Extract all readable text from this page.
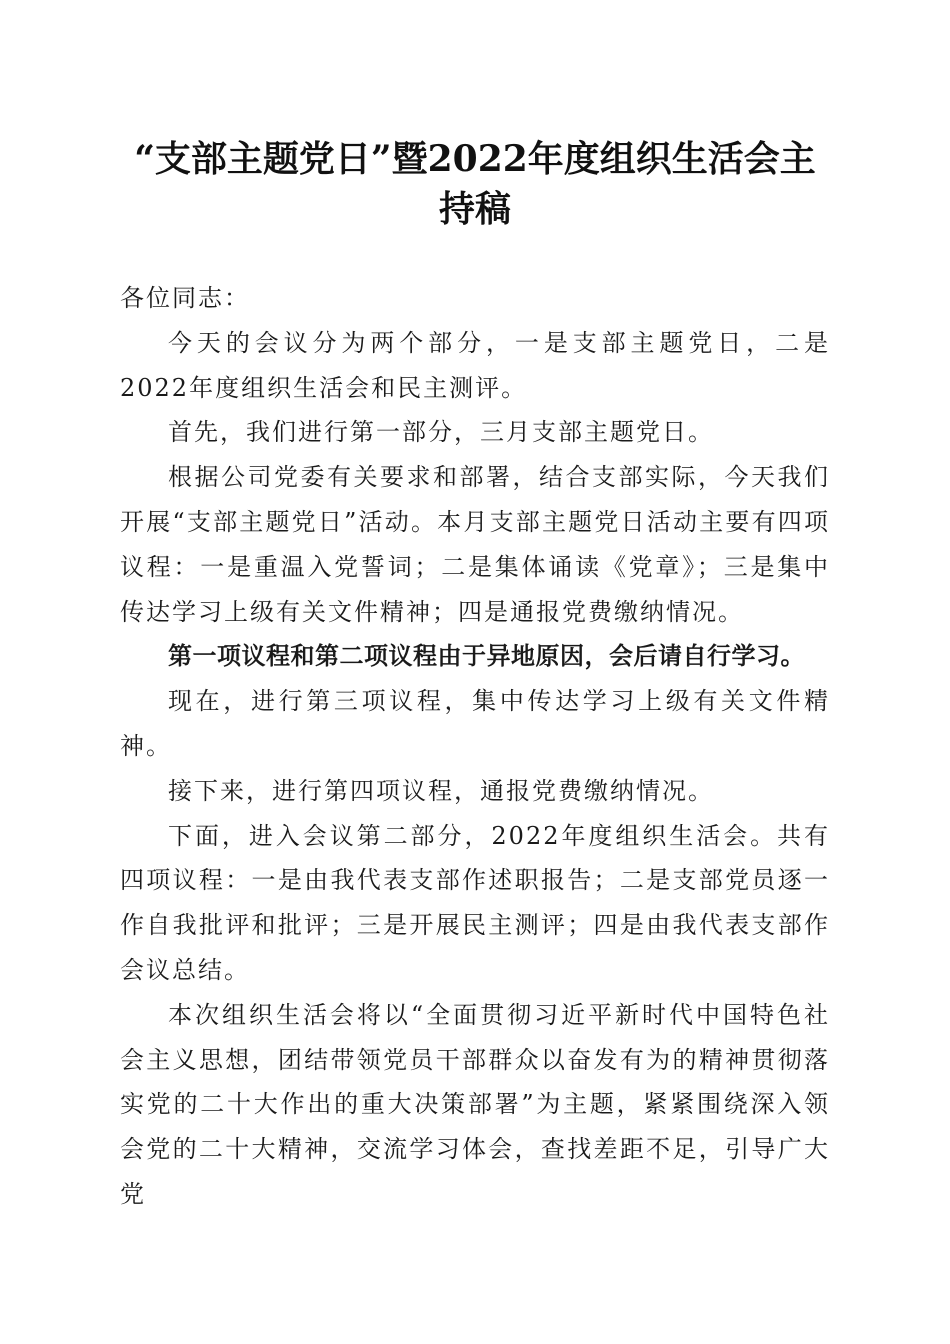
“支部主题党日”暨2022年度组织生活会主持稿

各位同志：

今天的会议分为两个部分，一是支部主题党日，二是2022年度组织生活会和民主测评。

首先，我们进行第一部分，三月支部主题党日。

根据公司党委有关要求和部署，结合支部实际，今天我们开展“支部主题党日”活动。本月支部主题党日活动主要有四项议程：一是重温入党誓词；二是集体诵读《党章》；三是集中传达学习上级有关文件精神；四是通报党费缴纳情况。

第一项议程和第二项议程由于异地原因，会后请自行学习。

现在，进行第三项议程，集中传达学习上级有关文件精神。

接下来，进行第四项议程，通报党费缴纳情况。

下面，进入会议第二部分，2022年度组织生活会。共有四项议程：一是由我代表支部作述职报告；二是支部党员逐一作自我批评和批评；三是开展民主测评；四是由我代表支部作会议总结。

本次组织生活会将以“全面贯彻习近平新时代中国特色社会主义思想，团结带领党员干部群众以奋发有为的精神贯彻落实党的二十大作出的重大决策部署”为主题，紧紧围绕深入领会党的二十大精神，交流学习体会，查找差距不足，引导广大党
